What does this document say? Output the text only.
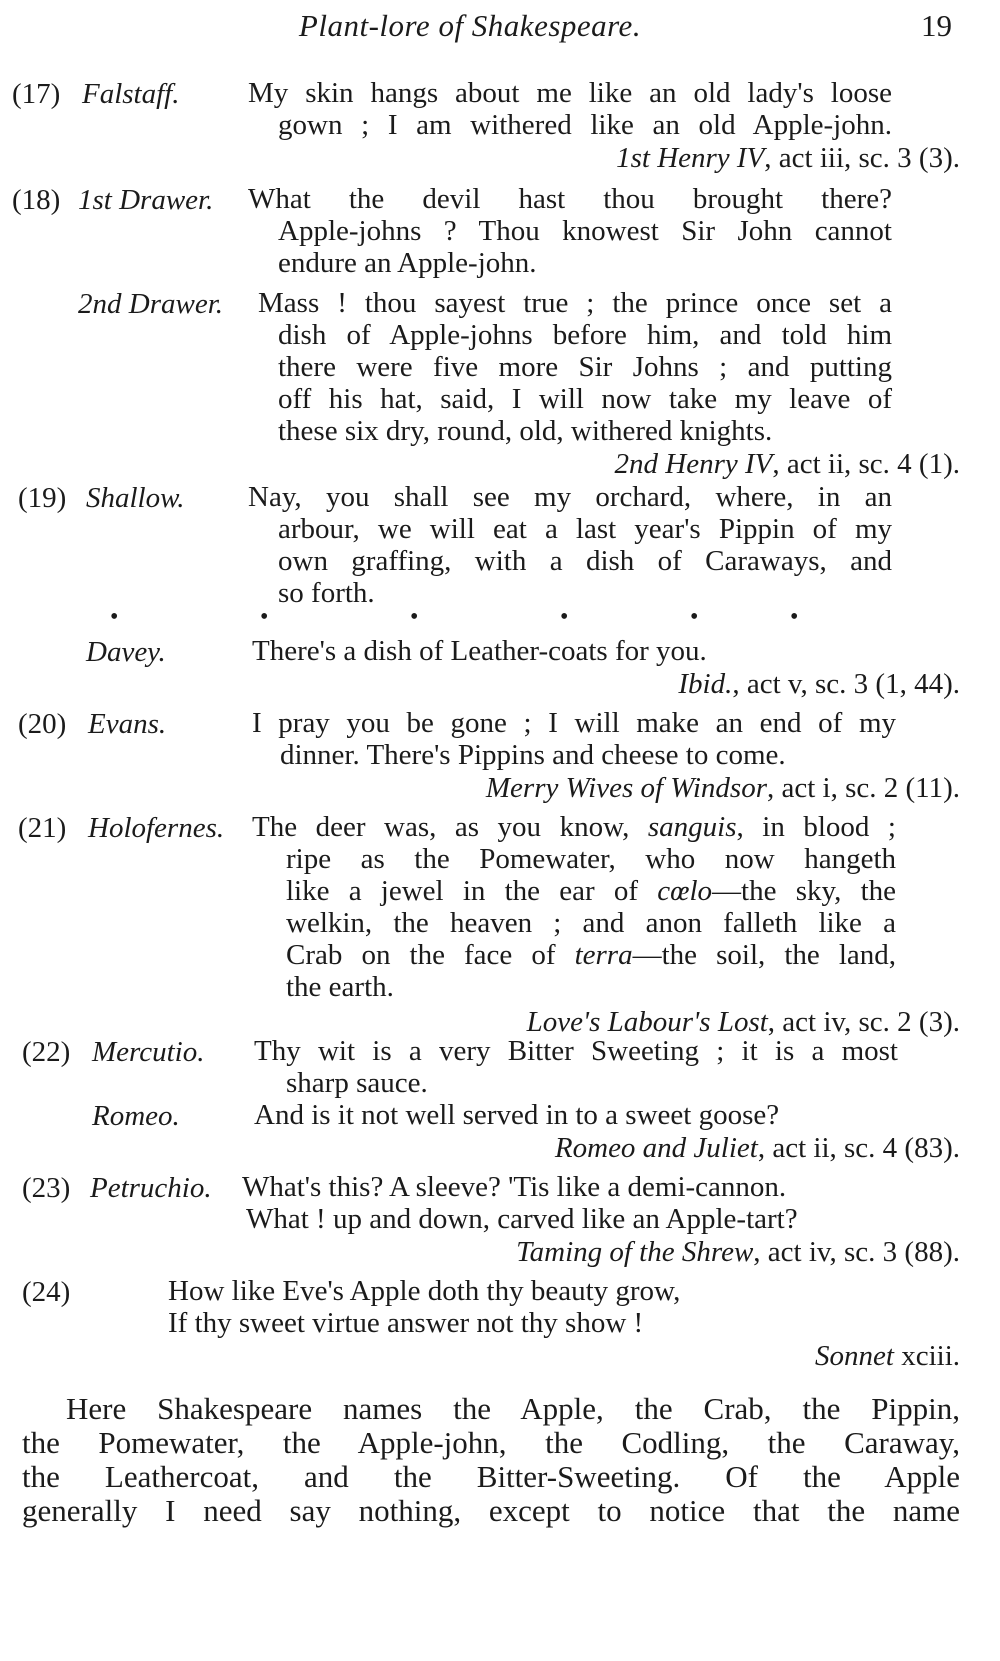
Plant-lore of Shakespeare.	19
(17) Falstaff. My skin hangs about me like an old lady's loose
gown ; I am withered like an old Apple-john.
1st Henry IV, act iii, sc. 3 (3).
(18) 1st Drawer. What the devil hast thou brought there?
Apple-johns ? Thou knowest Sir John cannot
endure an Apple-john.
2nd Drawer. Mass ! thou sayest true ; the prince once set a
dish of Apple-johns before him, and told him
there were five more Sir Johns ; and putting
off his hat, said, I will now take my leave of
these six dry, round, old, withered knights.
2nd Henry IV, act ii, sc. 4 (1).
(19) Shallow. Nay, you shall see my orchard, where, in an
arbour, we will eat a last year's Pippin of my
own graffing, with a dish of Caraways, and
so forth.
•	•	•	•	•	•
Davey.	There's a dish of Leather-coats for you.
Ibid., act v, sc. 3 (1, 44).
(20) Evans.	I pray you be gone ; I will make an end of my
dinner. There's Pippins and cheese to come.
Merry Wives of Windsor, act i, sc. 2 (11).
(21) Holofernes. The deer was, as you know, sanguis, in blood ;
ripe as the Pomewater, who now hangeth
like a jewel in the ear of cœlo—the sky, the
welkin, the heaven ; and anon falleth like a
Crab on the face of terra—the soil, the land,
the earth.
Love's Labour's Lost, act iv, sc. 2 (3).
(22) Mercutio. Thy wit is a very Bitter Sweeting ; it is a most
sharp sauce.
Romeo.	And is it not well served in to a sweet goose?
Romeo and Juliet, act ii, sc. 4 (83).
(23) Petruchio. What's this? A sleeve? 'Tis like a demi-cannon.
What ! up and down, carved like an Apple-tart?
Taming of the Shrew, act iv, sc. 3 (88).
(24)	How like Eve's Apple doth thy beauty grow,
If thy sweet virtue answer not thy show !
Sonnet xciii.
Here Shakespeare names the Apple, the Crab, the Pippin,
the Pomewater, the Apple-john, the Codling, the Caraway,
the Leathercoat, and the Bitter-Sweeting. Of the Apple
generally I need say nothing, except to notice that the name
